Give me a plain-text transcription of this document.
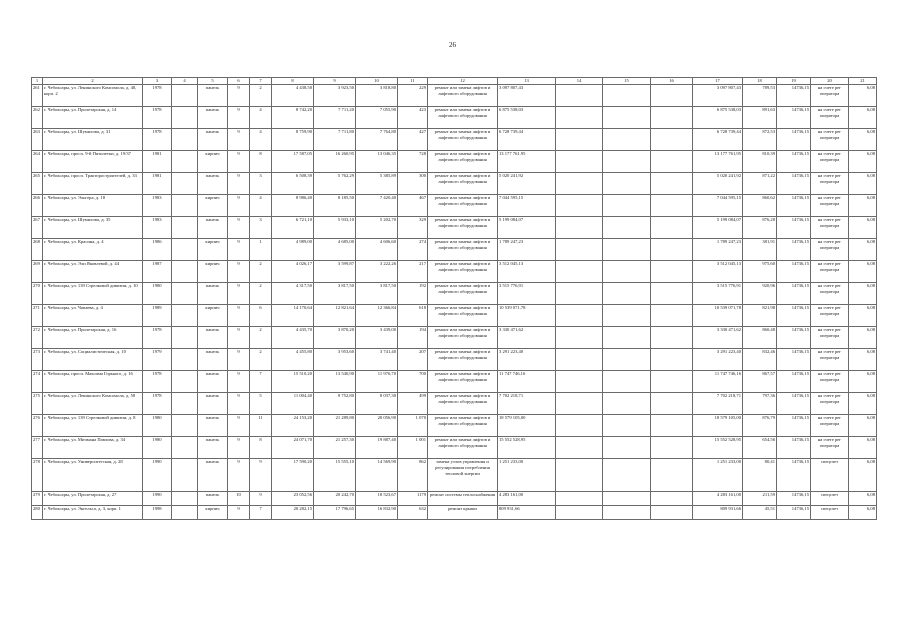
26
1	2	3	4	5	6	7	8	9	10	11	12	13	14	15	16	17	18	19	20	21
261	г. Чебоксары, ул. Ленинского Комсомола, д. 40, корп. 2	1978		панель	9	2	4 438,50	3 923,50	3 818,80	229	ремонт или замена лифтов и лифтового оборудования	3 097 807,43				3 097 807,43	789,53	14736,15	на счете рег оператора	6,08
262	г. Чебоксары, ул. Пролетарская, д. 14	1978		панель	9	4	8 742,20	7 711,20	7 055,90	423	ремонт или замена лифтов и лифтового оборудования	6 875 538,03				6 875 538,03	891,63	14736,15	на счете рег оператора	6,08
263	г. Чебоксары, ул. Шумилова, д. 31	1978		панель	9	4	8 759,90	7 711,80	7 764,80	427	ремонт или замена лифтов и лифтового оборудования	6 728 739,44				6 728 739,44	872,53	14736,15	на счете рег оператора	6,08
264	г. Чебоксары, просп. 9-й Пятилетки, д. 19/37	1981		кирпич	9	8	17 587,05	16 260,95	13 046,35	728	ремонт или замена лифтов и лифтового оборудования	13 177 761,95				13 177 761,95	810,39	14736,15	на счете рег оператора	6,08
265	г. Чебоксары, просп. Тракторостроителей, д. 33	1981		панель	9	3	6 508,39	5 762,29	5 385,89	300	ремонт или замена лифтов и лифтового оборудования	5 020 241,92				5 020 241,92	871,22	14736,15	на счете рег оператора	6,08
266	г. Чебоксары, ул. Эльгера, д. 18	1983		кирпич	9	4	8 986,40	8 185,50	7 420,40	467	ремонт или замена лифтов и лифтового оборудования	7 044 595,15				7 044 595,15	860,62	14736,15	на счете рег оператора	6,08
267	г. Чебоксары, ул. Шумилова, д. 35	1983		панель	9	3	6 721,10	5 933,10	5 202,70	329	ремонт или замена лифтов и лифтового оборудования	5 199 084,07				5 199 084,07	876,28	14736,15	на счете рег оператора	6,08
268	г. Чебоксары, ул. Красина, д. 4	1986		кирпич	9	1	4 989,00	4 685,00	4 606,60	274	ремонт или замена лифтов и лифтового оборудования	1 789 247,23				1 789 247,23	381,91	14736,15	на счете рег оператора	6,08
269	г. Чебоксары, ул. Эли Яковлевой, д. 44	1987		кирпич	9	2	4 026,17	3 599,87	3 222,26	217	ремонт или замена лифтов и лифтового оборудования	3 512 045,13				3 512 045,13	975,60	14736,15	на счете рег оператора	6,08
270	г. Чебоксары, ул. 139 Стрелковой дивизии, д. 10	1980		панель	9	2	4 317,50	3 817,50	3 817,50	192	ремонт или замена лифтов и лифтового оборудования	3 515 776,91				3 515 776,91	920,96	14736,15	на счете рег оператора	6,08
271	г. Чебоксары, ул. Чапаева, д. 4	1989		кирпич	9	6	14 170,64	12 821,64	12 366,84	618	ремонт или замена лифтов и лифтового оборудования	10 539 071,78				10 539 071,78	821,98	14736,15	на счете рег оператора	6,08
272	г. Чебоксары, ул. Пролетарская, д. 16	1978		панель	9	2	4 435,70	3 870,20	3 439,00	194	ремонт или замена лифтов и лифтового оборудования	3 330 471,62				3 330 471,62	860,48	14736,15	на счете рег оператора	6,08
273	г. Чебоксары, ул. Социалистическая, д. 10	1979		панель	9	2	4 455,80	3 953,60	3 741,40	207	ремонт или замена лифтов и лифтового оборудования	3 291 223,40				3 291 223,40	832,46	14736,15	на счете рег оператора	6,08
274	г. Чебоксары, просп. Максима Горького, д. 16	1978		панель	9	7	15 510,20	13 540,90	11 976,70	700	ремонт или замена лифтов и лифтового оборудования	11 747 746,16				11 747 746,16	867,57	14736,15	на счете рег оператора	6,08
275	г. Чебоксары, ул. Ленинского Комсомола, д. 58	1978		панель	9	5	11 004,40	9 752,80	8 037,30	499	ремонт или замена лифтов и лифтового оборудования	7 702 218,71				7 702 218,71	797,36	14736,15	на счете рег оператора	6,08
276	г. Чебоксары, ул. 139 Стрелковой дивизии, д. 8	1980		панель	9	11	24 153,20	21 289,80	20 056,90	1 070	ремонт или замена лифтов и лифтового оборудования	18 579 105,00				18 579 105,00	876,79	14736,15	на счете рег оператора	6,08
277	г. Чебоксары, ул. Мичмана Павлова, д. 34	1980		панель	9	8	24 071,70	21 257,30	19 887,40	1 001	ремонт или замена лифтов и лифтового оборудования	15 552 528,95				15 552 528,95	654,56	14736,15	на счете рег оператора	6,08
278	г. Чебоксары, ул. Университетская, д. 28	1990		панель	9	9	17 590,20	15 555,10	14 569,90	862	замена узлов управления и регулирования потребления тепловой энергии	1 251 233,00				1 251 233,00	80,41	14736,15	спецсчет	6,08
279	г. Чебоксары, ул. Пролетарская, д. 27	1990		панель	10	9	23 052,56	20 242,70	18 523,67	1179	ремонт системы теплоснабжения	4 283 161,00				4 283 161,00	211,59	14736,15	спецсчет	6,08
280	г. Чебоксары, ул. Энгельса, д. 3, корп. 1	1998		кирпич	9	7	20 282,15	17 796,65	16 832,90	632	ремонт крыши	809 931,66				809 931,66	45,51	14736,15	спецсчет	6,08
